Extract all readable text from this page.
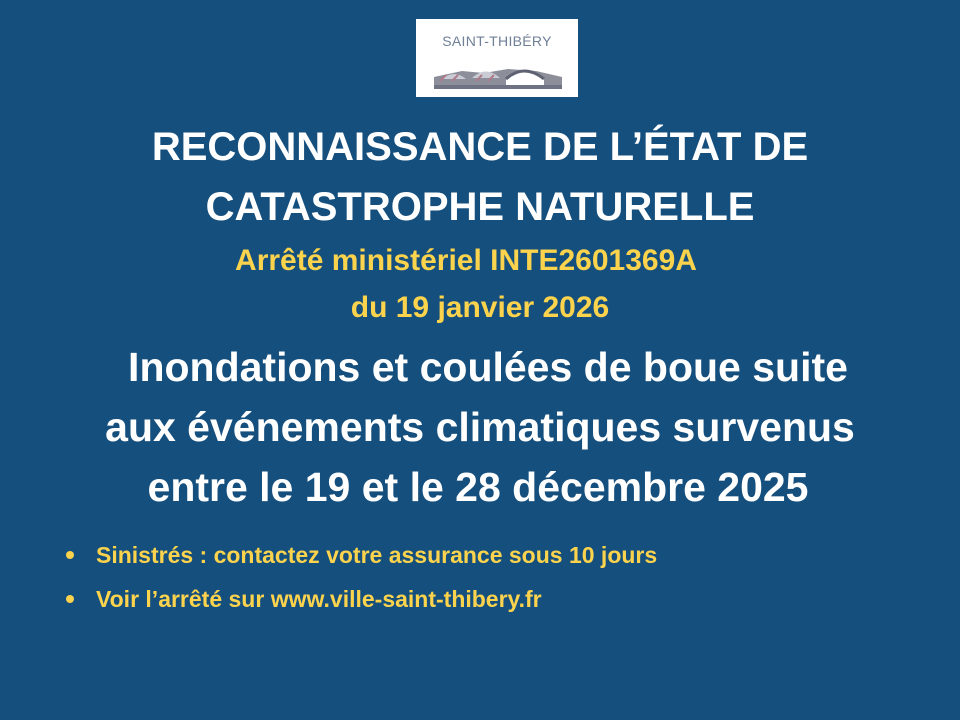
SAINT-THIBÉRY

RECONNAISSANCE DE L’ÉTAT DE

CATASTROPHE NATURELLE

Arrêté ministériel INTE2601369A

du 19 janvier 2026

Inondations et coulées de boue suite

aux événements climatiques survenus

entre le 19 et le 28 décembre 2025

Sinistrés : contactez votre assurance sous 10 jours
Voir l’arrêté sur www.ville-saint-thibery.fr
